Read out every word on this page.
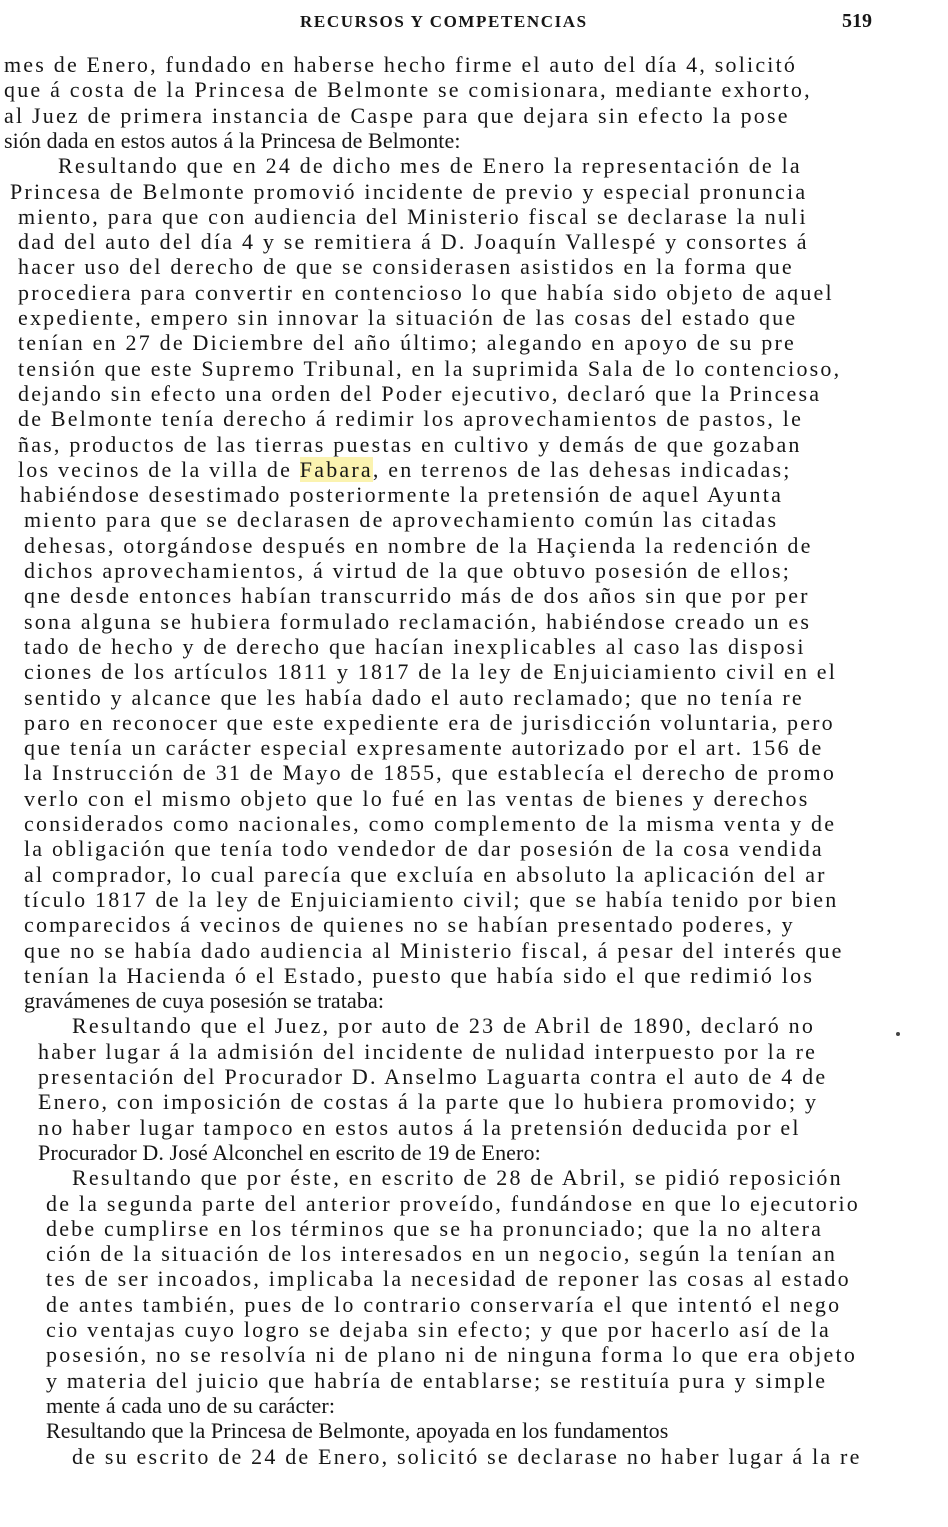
RECURSOS Y COMPETENCIAS	519
mes de Enero, fundado en haberse hecho firme el auto del día 4, solicitó
que á costa de la Princesa de Belmonte se comisionara, mediante exhorto,
al Juez de primera instancia de Caspe para que dejara sin efecto la pose
sión dada en estos autos á la Princesa de Belmonte:
Resultando que en 24 de dicho mes de Enero la representación de la
Princesa de Belmonte promovió incidente de previo y especial pronuncia
miento, para que con audiencia del Ministerio fiscal se declarase la nuli
dad del auto del día 4 y se remitiera á D. Joaquín Vallespé y consortes á
hacer uso del derecho de que se considerasen asistidos en la forma que
procediera para convertir en contencioso lo que había sido objeto de aquel
expediente, empero sin innovar la situación de las cosas del estado que
tenían en 27 de Diciembre del año último; alegando en apoyo de su pre
tensión que este Supremo Tribunal, en la suprimida Sala de lo contencioso,
dejando sin efecto una orden del Poder ejecutivo, declaró que la Princesa
de Belmonte tenía derecho á redimir los aprovechamientos de pastos, le
ñas, productos de las tierras puestas en cultivo y demás de que gozaban
los vecinos de la villa de Fabara, en terrenos de las dehesas indicadas;
habiéndose desestimado posteriormente la pretensión de aquel Ayunta
miento para que se declarasen de aprovechamiento común las citadas
dehesas, otorgándose después en nombre de la Haçienda la redención de
dichos aprovechamientos, á virtud de la que obtuvo posesión de ellos;
qne desde entonces habían transcurrido más de dos años sin que por per
sona alguna se hubiera formulado reclamación, habiéndose creado un es
tado de hecho y de derecho que hacían inexplicables al caso las disposi
ciones de los artículos 1811 y 1817 de la ley de Enjuiciamiento civil en el
sentido y alcance que les había dado el auto reclamado; que no tenía re
paro en reconocer que este expediente era de jurisdicción voluntaria, pero
que tenía un carácter especial expresamente autorizado por el art. 156 de
la Instrucción de 31 de Mayo de 1855, que establecía el derecho de promo
verlo con el mismo objeto que lo fué en las ventas de bienes y derechos
considerados como nacionales, como complemento de la misma venta y de
la obligación que tenía todo vendedor de dar posesión de la cosa vendida
al comprador, lo cual parecía que excluía en absoluto la aplicación del ar
tículo 1817 de la ley de Enjuiciamiento civil; que se había tenido por bien
comparecidos á vecinos de quienes no se habían presentado poderes, y
que no se había dado audiencia al Ministerio fiscal, á pesar del interés que
tenían la Hacienda ó el Estado, puesto que había sido el que redimió los
gravámenes de cuya posesión se trataba:
Resultando que el Juez, por auto de 23 de Abril de 1890, declaró no
haber lugar á la admisión del incidente de nulidad interpuesto por la re
presentación del Procurador D. Anselmo Laguarta contra el auto de 4 de
Enero, con imposición de costas á la parte que lo hubiera promovido; y
no haber lugar tampoco en estos autos á la pretensión deducida por el
Procurador D. José Alconchel en escrito de 19 de Enero:
Resultando que por éste, en escrito de 28 de Abril, se pidió reposición
de la segunda parte del anterior proveído, fundándose en que lo ejecutorio
debe cumplirse en los términos que se ha pronunciado; que la no altera
ción de la situación de los interesados en un negocio, según la tenían an
tes de ser incoados, implicaba la necesidad de reponer las cosas al estado
de antes también, pues de lo contrario conservaría el que intentó el nego
cio ventajas cuyo logro se dejaba sin efecto; y que por hacerlo así de la
posesión, no se resolvía ni de plano ni de ninguna forma lo que era objeto
y materia del juicio que habría de entablarse; se restituía pura y simple
mente á cada uno de su carácter:
Resultando que la Princesa de Belmonte, apoyada en los fundamentos
de su escrito de 24 de Enero, solicitó se declarase no haber lugar á la re
